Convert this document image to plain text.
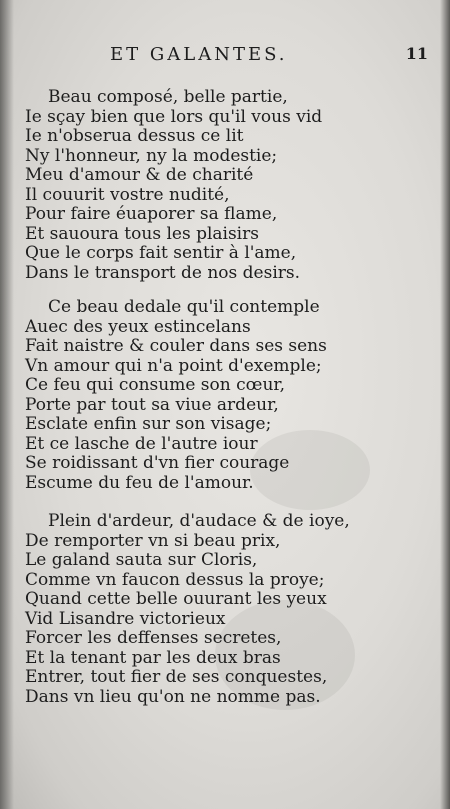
ET GALANTES.	11
Beau composé, belle partie,
Ie sçay bien que lors qu'il vous vid
Ie n'obserua dessus ce lit
Ny l'honneur, ny la modestie;
Meu d'amour & de charité
Il couurit vostre nudité,
Pour faire éuaporer sa flame,
Et sauoura tous les plaisirs
Que le corps fait sentir à l'ame,
Dans le transport de nos desirs.
Ce beau dedale qu'il contemple
Auec des yeux estincelans
Fait naistre & couler dans ses sens
Vn amour qui n'a point d'exemple;
Ce feu qui consume son cœur,
Porte par tout sa viue ardeur,
Esclate enfin sur son visage;
Et ce lasche de l'autre iour
Se roidissant d'vn fier courage
Escume du feu de l'amour.
Plein d'ardeur, d'audace & de ioye,
De remporter vn si beau prix,
Le galand sauta sur Cloris,
Comme vn faucon dessus la proye;
Quand cette belle ouurant les yeux
Vid Lisandre victorieux
Forcer les deffenses secretes,
Et la tenant par les deux bras
Entrer, tout fier de ses conquestes,
Dans vn lieu qu'on ne nomme pas.
